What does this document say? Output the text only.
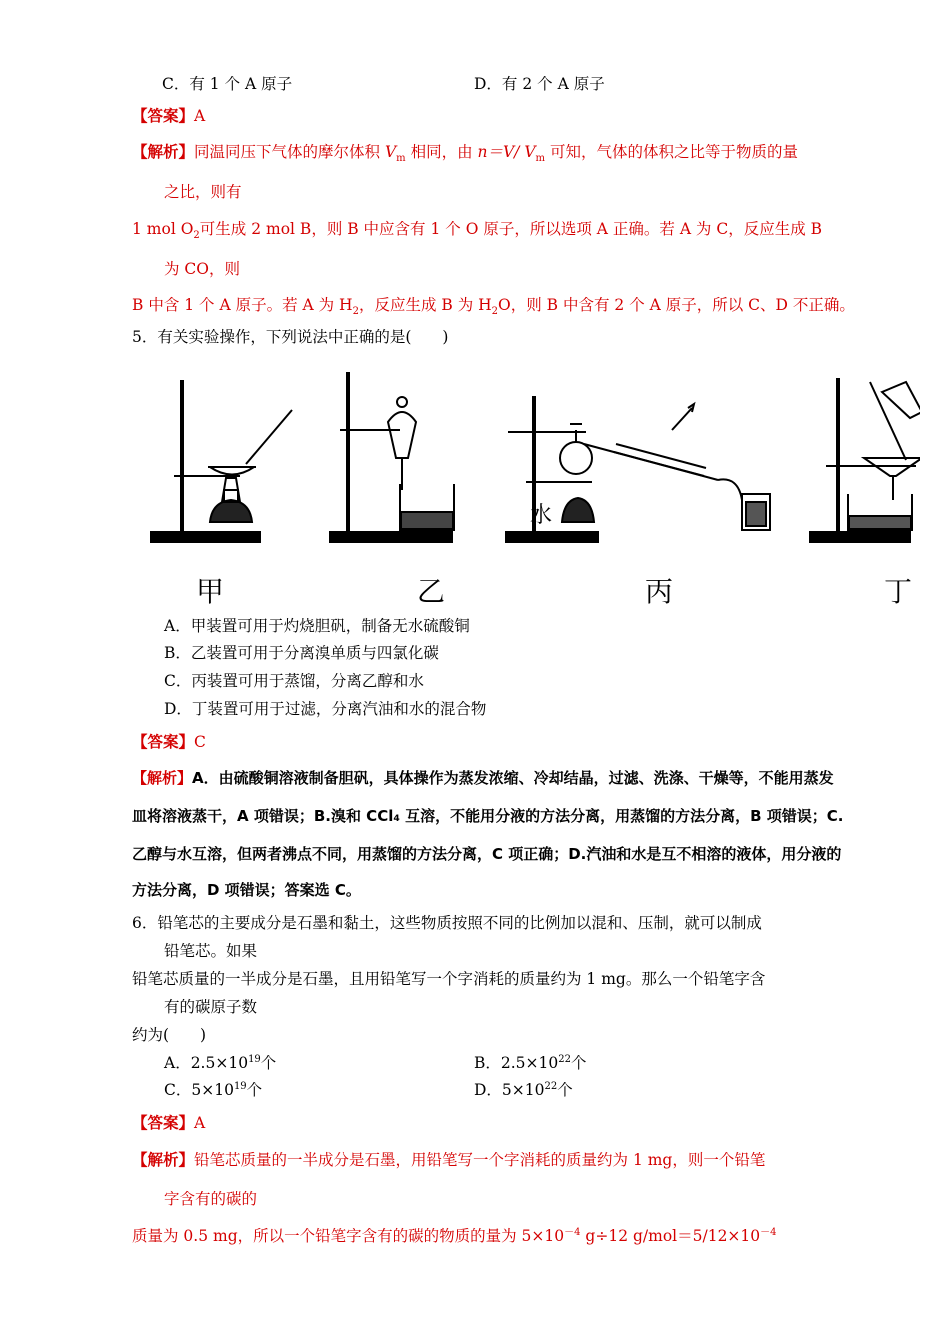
C．有 1 个 A 原子	D．有 2 个 A 原子
【答案】A
【解析】同温同压下气体的摩尔体积 $V_m$ 相同，由 n＝V/ $V_m$ 可知，气体的体积之比等于物质的量
之比，则有
1 mol $O_2$可生成 2 mol B，则 B 中应含有 1 个 O 原子，所以选项 A 正确。若 A 为 C，反应生成 B
为 CO，则
B 中含 1 个 A 原子。若 A 为 $H_2$，反应生成 B 为 $H_2O$，则 B 中含有 2 个 A 原子，所以 C、D 不正确。
5．有关实验操作，下列说法中正确的是(　　)
水
甲	乙	丙	丁
A．甲装置可用于灼烧胆矾，制备无水硫酸铜
B．乙装置可用于分离溴单质与四氯化碳
C．丙装置可用于蒸馏，分离乙醇和水
D．丁装置可用于过滤，分离汽油和水的混合物
【答案】C
【解析】A．由硫酸铜溶液制备胆矾，具体操作为蒸发浓缩、冷却结晶，过滤、洗涤、干燥等，不能用蒸发
皿将溶液蒸干，A 项错误；B.溴和 CCl₄ 互溶，不能用分液的方法分离，用蒸馏的方法分离，B 项错误；C.
乙醇与水互溶，但两者沸点不同，用蒸馏的方法分离，C 项正确；D.汽油和水是互不相溶的液体，用分液的
方法分离，D 项错误；答案选 C。
6．铅笔芯的主要成分是石墨和黏土，这些物质按照不同的比例加以混和、压制，就可以制成
铅笔芯。如果
铅笔芯质量的一半成分是石墨，且用铅笔写一个字消耗的质量约为 1 mg。那么一个铅笔字含
有的碳原子数
约为(　　)
A．$2.5\times 10^{19}$个	B．$2.5\times 10^{22}$个
C．$5\times 10^{19}$个	D．$5\times 10^{22}$个
【答案】A
【解析】铅笔芯质量的一半成分是石墨，用铅笔写一个字消耗的质量约为 1 mg，则一个铅笔
字含有的碳的
质量为 0.5 mg，所以一个铅笔字含有的碳的物质的量为 $5\times 10^{-4}$ g÷12 $g/mol=5/12\times 10^{-4}$
